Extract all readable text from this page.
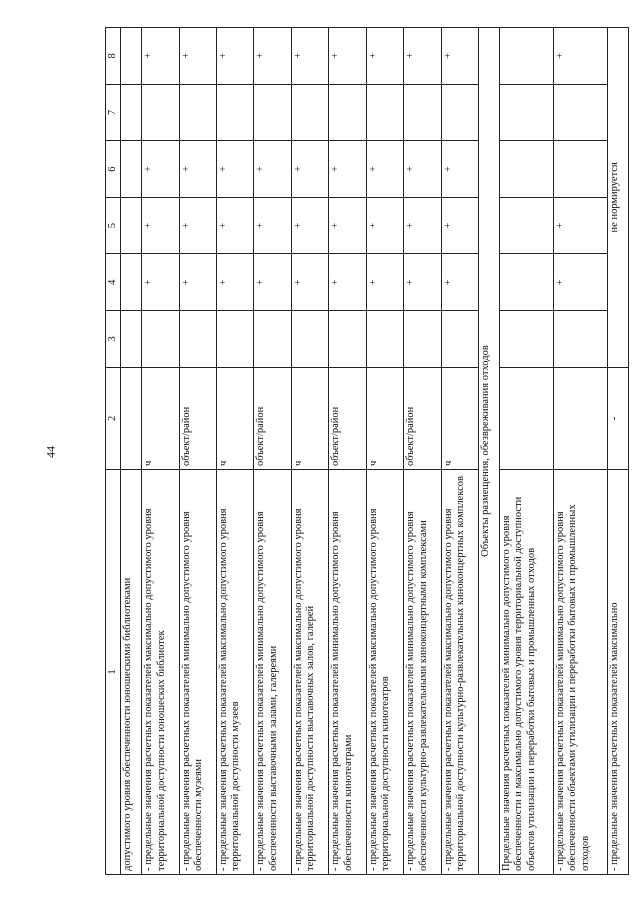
44
1	2	3	4	5	6	7	8
допустимого уровня обеспеченности юношескими библиотеками							
- предельные значения расчетных показателей максимально допустимого уровня территориальной доступности юношеских библиотек	ч		+	+	+		+
- предельные значения расчетных показателей минимально допустимого уровня обеспеченности музеями	объект/район		+	+	+		+
- предельные значения расчетных показателей максимально допустимого уровня территориальной доступности музеев	ч		+	+	+		+
- предельные значения расчетных показателей минимально допустимого уровня обеспеченности выставочными залами, галереями	объект/район		+	+	+		+
- предельные значения расчетных показателей максимально допустимого уровня территориальной доступности выставочных залов, галерей	ч		+	+	+		+
- предельные значения расчетных показателей минимально допустимого уровня обеспеченности кинотеатрами	объект/район		+	+	+		+
- предельные значения расчетных показателей максимально допустимого уровня территориальной доступности кинотеатров	ч		+	+	+		+
- предельные значения расчетных показателей минимально допустимого уровня обеспеченности культурно-развлекательными киноконцертными комплексами	объект/район		+	+	+		+
- предельные значения расчетных показателей максимально допустимого уровня территориальной доступности культурно-развлекательных киноконцертных комплексов	ч		+	+	+		+
Объекты размещения, обезвреживания отходов							
Предельные значения расчетных показателей минимально допустимого уровня обеспеченности и максимально допустимого уровня территориальной доступности объектов утилизации и переработки бытовых и промышленных отходов							
- предельные значения расчетных показателей минимально допустимого уровня обеспеченности объектами утилизации и переработки бытовых и промышленных отходов			+	+			+
- предельные значения расчетных показателей максимально	-	не нормируется					
